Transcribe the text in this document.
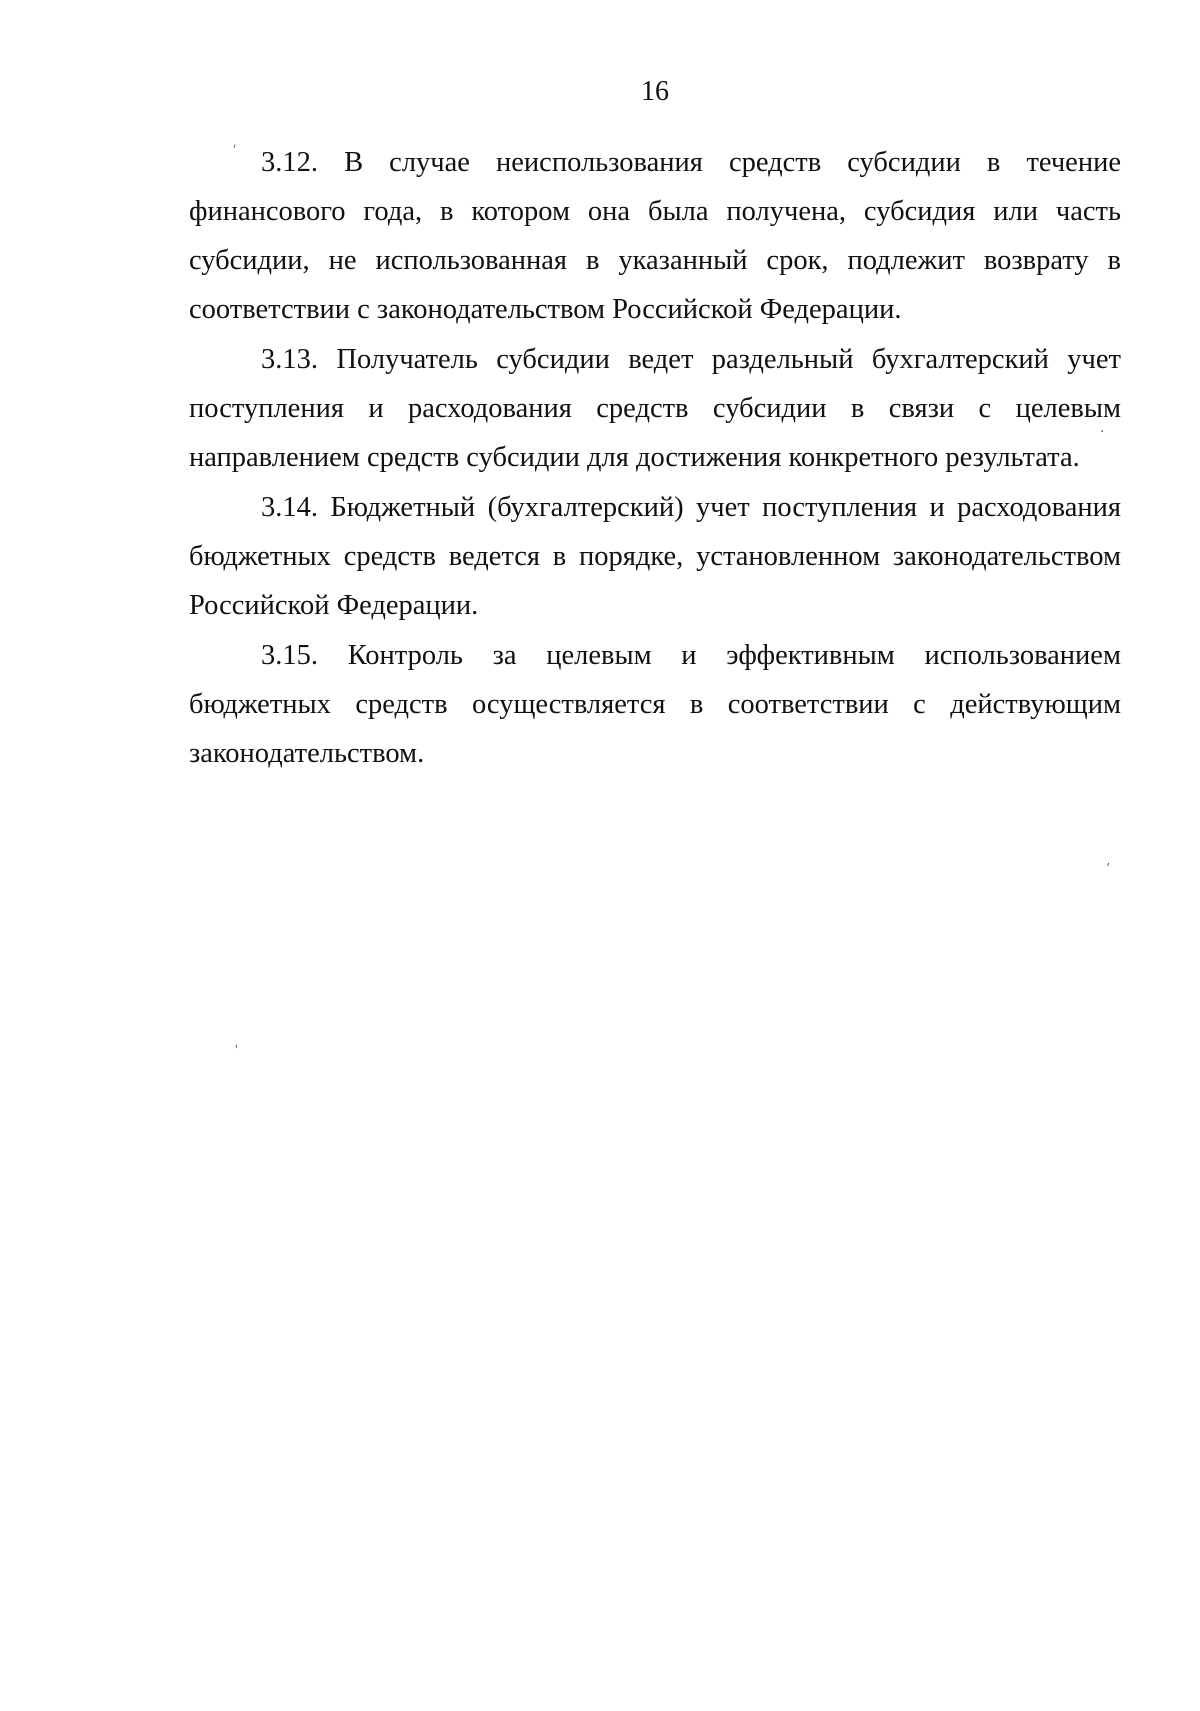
16

3.12. В случае неиспользования средств субсидии в течение финансового года, в котором она была получена, субсидия или часть субсидии, не использованная в указанный срок, подлежит возврату в соответствии с законодательством Российской Федерации.

3.13. Получатель субсидии ведет раздельный бухгалтерский учет поступления и расходования средств субсидии в связи с целевым направлением средств субсидии для достижения конкретного результата.

3.14. Бюджетный (бухгалтерский) учет поступления и расходования бюджетных средств ведется в порядке, установленном законодательством Российской Федерации.

3.15. Контроль за целевым и эффективным использованием бюджетных средств осуществляется в соответствии с действующим законодательством.

ˏ
·
ˏ
ˏ
